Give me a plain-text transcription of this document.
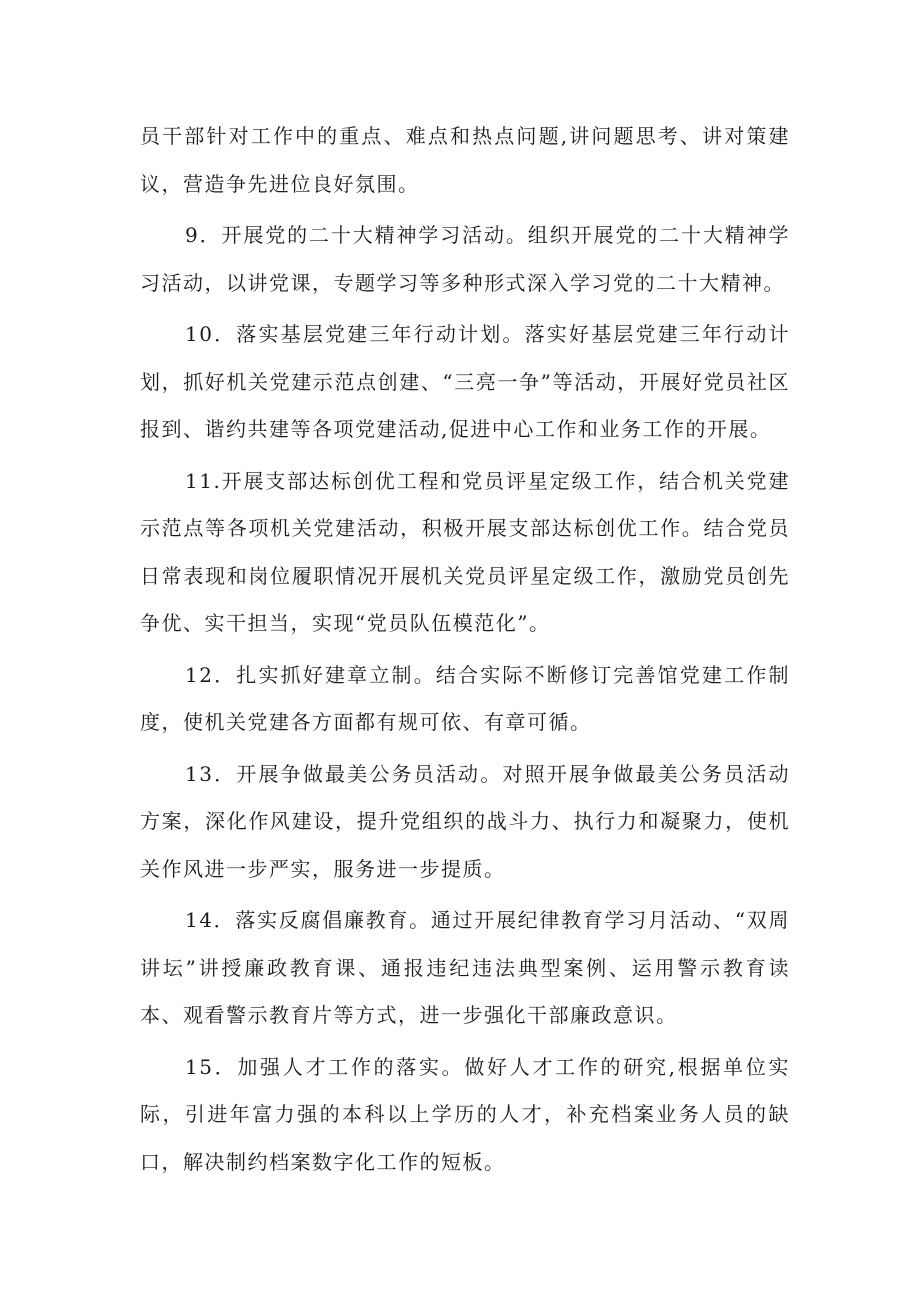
员干部针对工作中的重点、难点和热点问题,讲问题思考、讲对策建议，营造争先进位良好氛围。

9．开展党的二十大精神学习活动。组织开展党的二十大精神学习活动，以讲党课，专题学习等多种形式深入学习党的二十大精神。

10．落实基层党建三年行动计划。落实好基层党建三年行动计划，抓好机关党建示范点创建、“三亮一争”等活动，开展好党员社区报到、谐约共建等各项党建活动,促进中心工作和业务工作的开展。

11.开展支部达标创优工程和党员评星定级工作，结合机关党建示范点等各项机关党建活动，积极开展支部达标创优工作。结合党员日常表现和岗位履职情况开展机关党员评星定级工作，激励党员创先争优、实干担当，实现“党员队伍模范化”。

12．扎实抓好建章立制。结合实际不断修订完善馆党建工作制度，使机关党建各方面都有规可依、有章可循。

13．开展争做最美公务员活动。对照开展争做最美公务员活动方案，深化作风建设，提升党组织的战斗力、执行力和凝聚力，使机关作风进一步严实，服务进一步提质。

14．落实反腐倡廉教育。通过开展纪律教育学习月活动、“双周讲坛”讲授廉政教育课、通报违纪违法典型案例、运用警示教育读本、观看警示教育片等方式，进一步强化干部廉政意识。

15．加强人才工作的落实。做好人才工作的研究,根据单位实际，引进年富力强的本科以上学历的人才，补充档案业务人员的缺口，解决制约档案数字化工作的短板。
